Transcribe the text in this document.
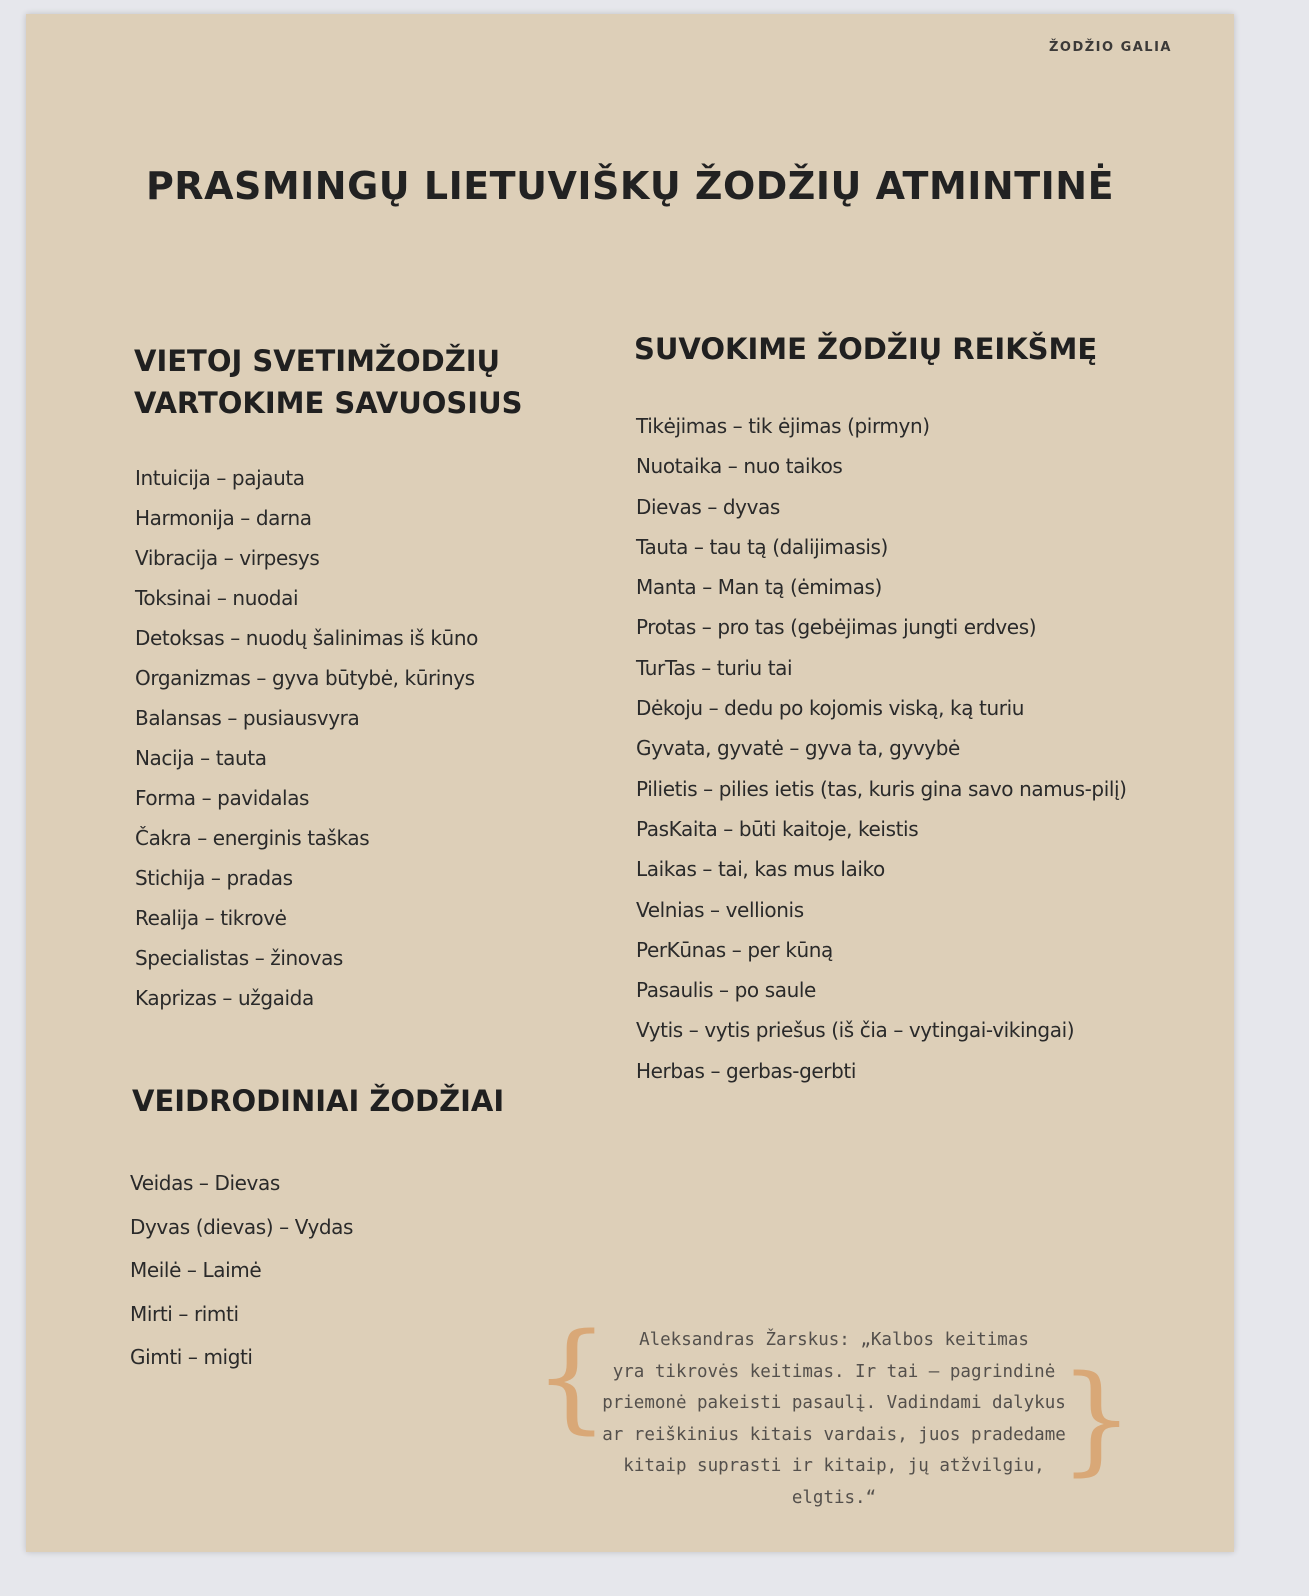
ŽODŽIO GALIA
PRASMINGŲ LIETUVIŠKŲ ŽODŽIŲ ATMINTINĖ
VIETOJ SVETIMŽODŽIŲ
VARTOKIME SAVUOSIUS
Intuicija – pajauta
Harmonija – darna
Vibracija – virpesys
Toksinai – nuodai
Detoksas – nuodų šalinimas iš kūno
Organizmas – gyva būtybė, kūrinys
Balansas – pusiausvyra
Nacija – tauta
Forma – pavidalas
Čakra – energinis taškas
Stichija – pradas
Realija – tikrovė
Specialistas – žinovas
Kaprizas – užgaida
SUVOKIME ŽODŽIŲ REIKŠMĘ
Tikėjimas – tik ėjimas (pirmyn)
Nuotaika – nuo taikos
Dievas – dyvas
Tauta – tau tą (dalijimasis)
Manta – Man tą (ėmimas)
Protas – pro tas (gebėjimas jungti erdves)
TurTas – turiu tai
Dėkoju – dedu po kojomis viską, ką turiu
Gyvata, gyvatė – gyva ta, gyvybė
Pilietis – pilies ietis (tas, kuris gina savo namus-pilį)
PasKaita – būti kaitoje, keistis
Laikas – tai, kas mus laiko
Velnias – vellionis
PerKūnas – per kūną
Pasaulis – po saule
Vytis – vytis priešus (iš čia – vytingai-vikingai)
Herbas – gerbas-gerbti
VEIDRODINIAI ŽODŽIAI
Veidas – Dievas
Dyvas (dievas) – Vydas
Meilė – Laimė
Mirti – rimti
Gimti – migti	{	Aleksandras Žarskus: „Kalbos keitimas
yra tikrovės keitimas. Ir tai – pagrindinė
priemonė pakeisti pasaulį. Vadindami dalykus
ar reiškinius kitais vardais, juos pradedame
kitaip suprasti ir kitaip, jų atžvilgiu, elgtis.“

}
